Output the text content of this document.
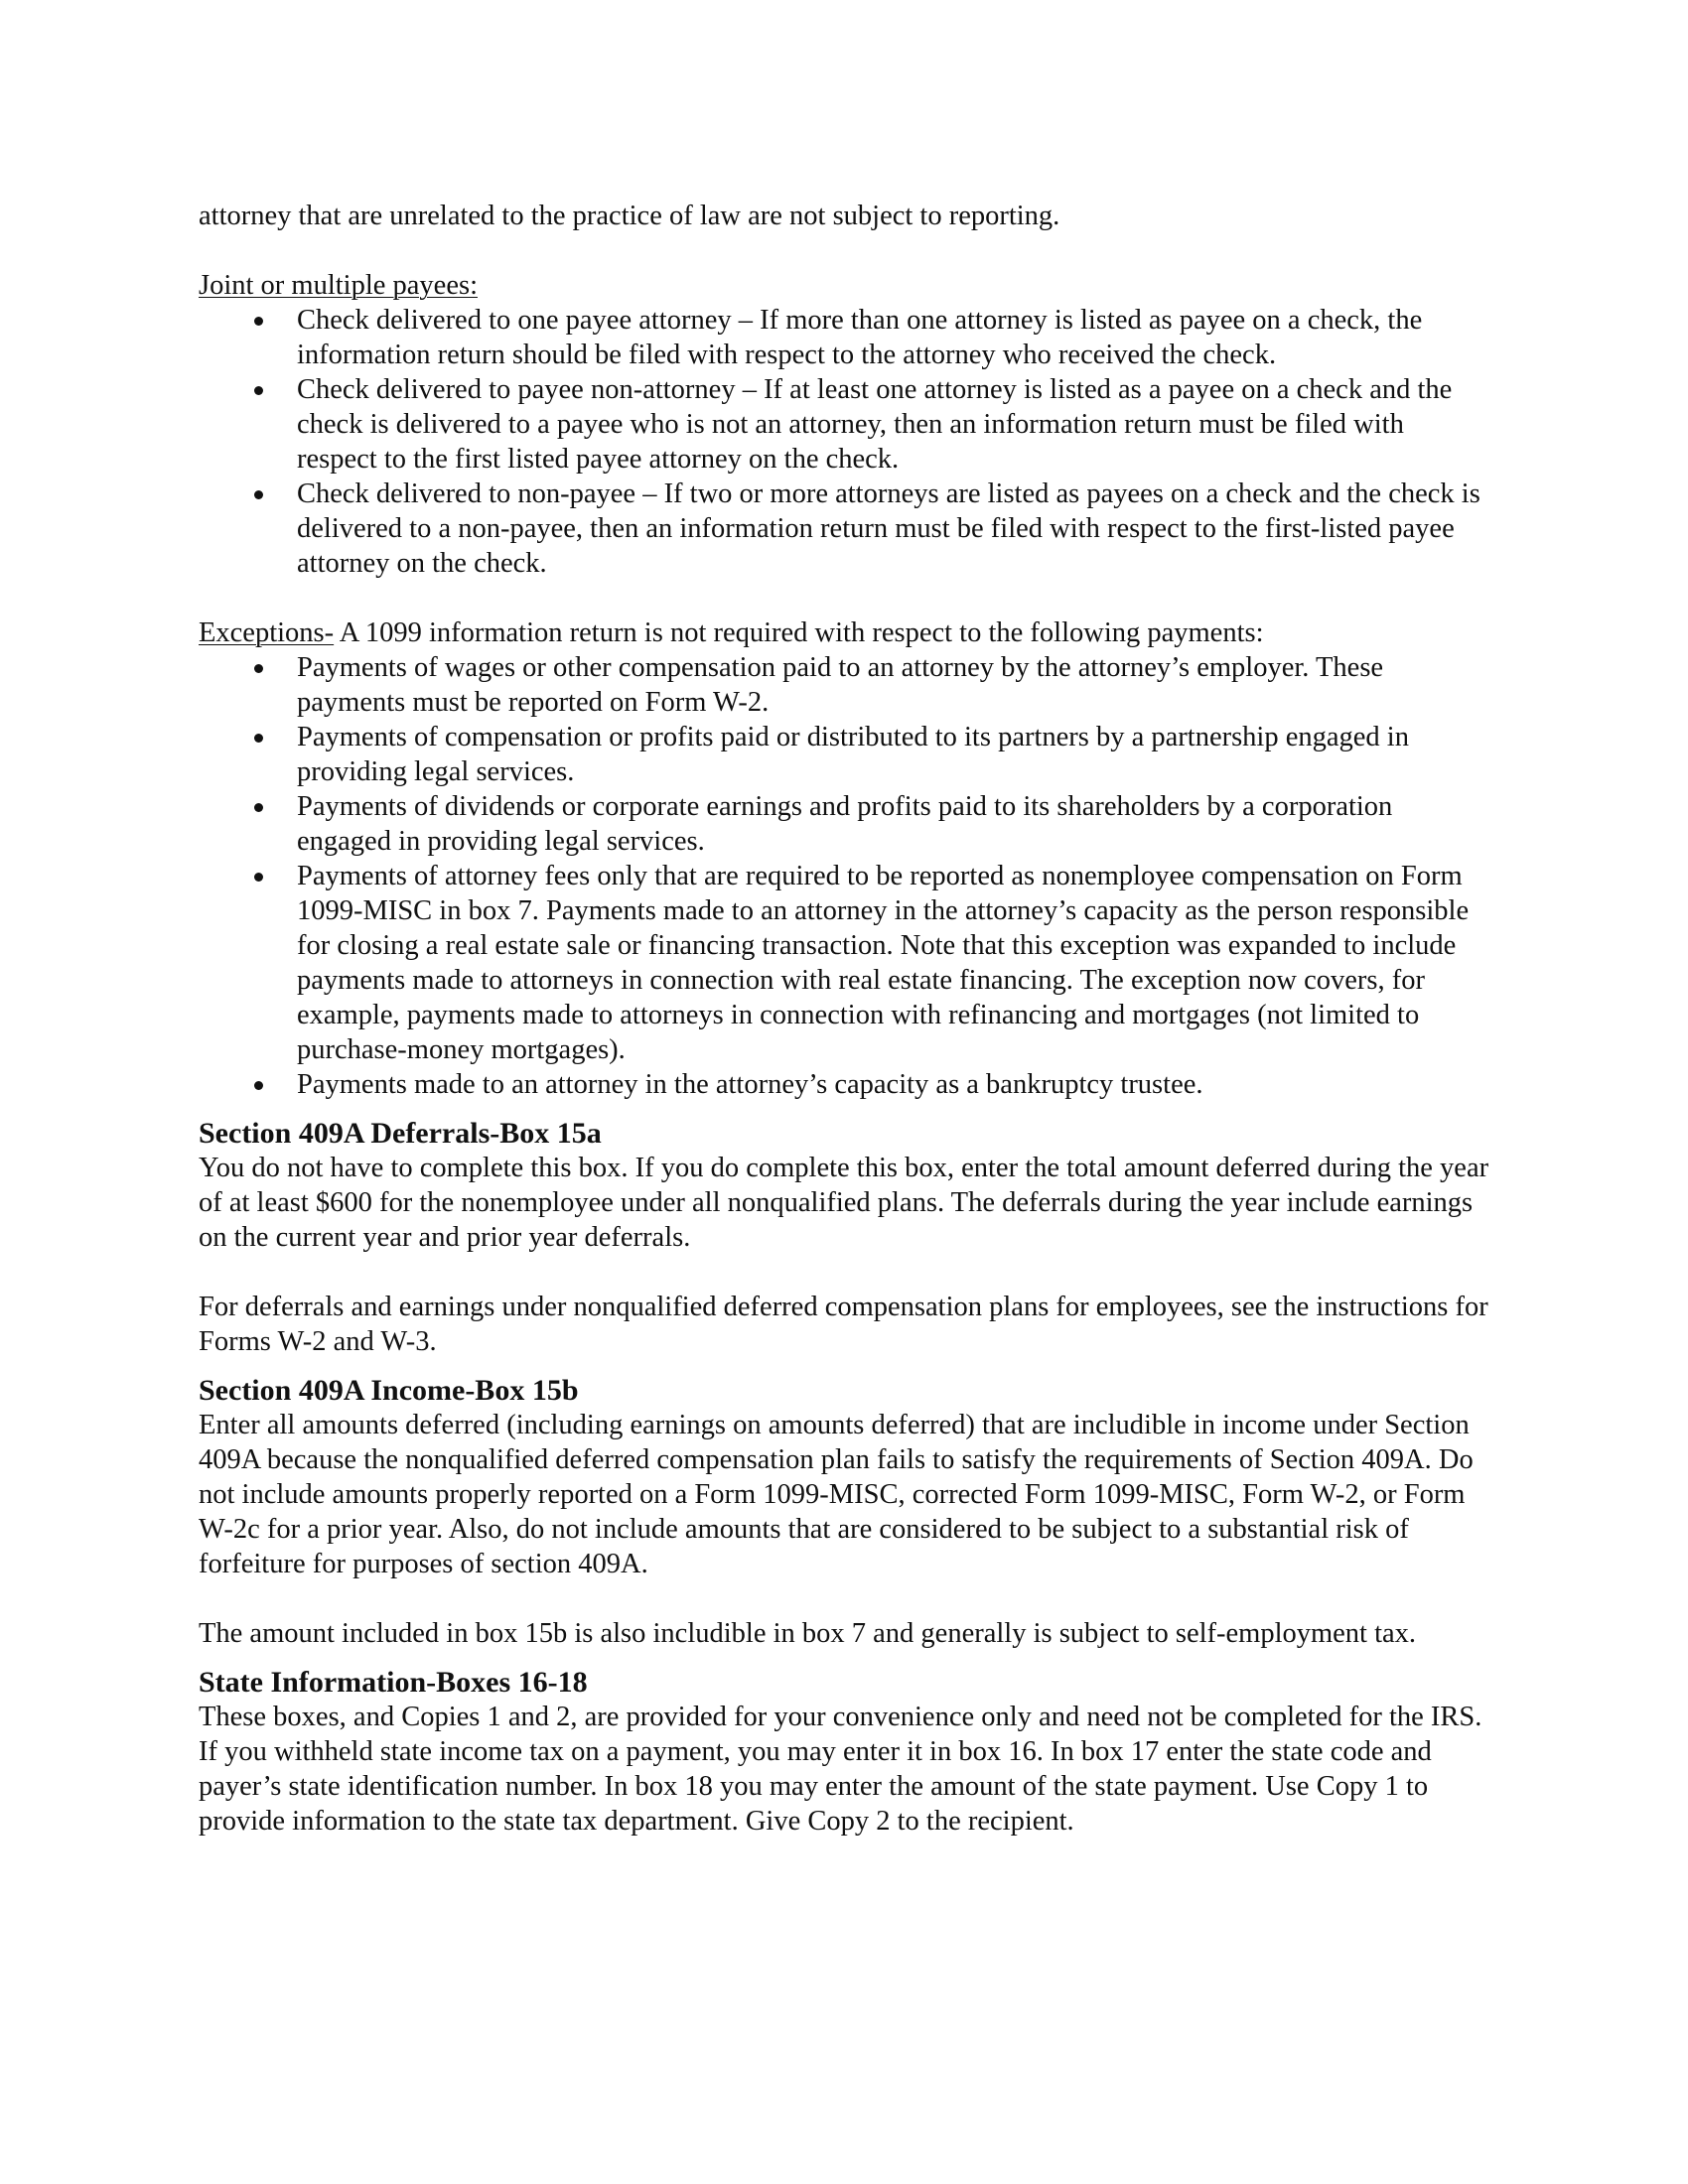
attorney that are unrelated to the practice of law are not subject to reporting.

Joint or multiple payees:

Check delivered to one payee attorney – If more than one attorney is listed as payee on a check, the information return should be filed with respect to the attorney who received the check.
Check delivered to payee non-attorney – If at least one attorney is listed as a payee on a check and the check is delivered to a payee who is not an attorney, then an information return must be filed with respect to the first listed payee attorney on the check.
Check delivered to non-payee – If two or more attorneys are listed as payees on a check and the check is delivered to a non-payee, then an information return must be filed with respect to the first-listed payee attorney on the check.

Exceptions- A 1099 information return is not required with respect to the following payments:

Payments of wages or other compensation paid to an attorney by the attorney’s employer. These payments must be reported on Form W-2.
Payments of compensation or profits paid or distributed to its partners by a partnership engaged in providing legal services.
Payments of dividends or corporate earnings and profits paid to its shareholders by a corporation engaged in providing legal services.
Payments of attorney fees only that are required to be reported as nonemployee compensation on Form 1099-MISC in box 7. Payments made to an attorney in the attorney’s capacity as the person responsible for closing a real estate sale or financing transaction. Note that this exception was expanded to include payments made to attorneys in connection with real estate financing. The exception now covers, for example, payments made to attorneys in connection with refinancing and mortgages (not limited to purchase-money mortgages).
Payments made to an attorney in the attorney’s capacity as a bankruptcy trustee.
Section 409A Deferrals-Box 15a

You do not have to complete this box. If you do complete this box, enter the total amount deferred during the year of at least $600 for the nonemployee under all nonqualified plans. The deferrals during the year include earnings on the current year and prior year deferrals.

For deferrals and earnings under nonqualified deferred compensation plans for employees, see the instructions for Forms W-2 and W-3.

Section 409A Income-Box 15b

Enter all amounts deferred (including earnings on amounts deferred) that are includible in income under Section 409A because the nonqualified deferred compensation plan fails to satisfy the requirements of Section 409A. Do not include amounts properly reported on a Form 1099-MISC, corrected Form 1099-MISC, Form W-2, or Form W-2c for a prior year. Also, do not include amounts that are considered to be subject to a substantial risk of forfeiture for purposes of section 409A.

The amount included in box 15b is also includible in box 7 and generally is subject to self-employment tax.

State Information-Boxes 16-18

These boxes, and Copies 1 and 2, are provided for your convenience only and need not be completed for the IRS. If you withheld state income tax on a payment, you may enter it in box 16. In box 17 enter the state code and payer’s state identification number. In box 18 you may enter the amount of the state payment. Use Copy 1 to provide information to the state tax department. Give Copy 2 to the recipient.
